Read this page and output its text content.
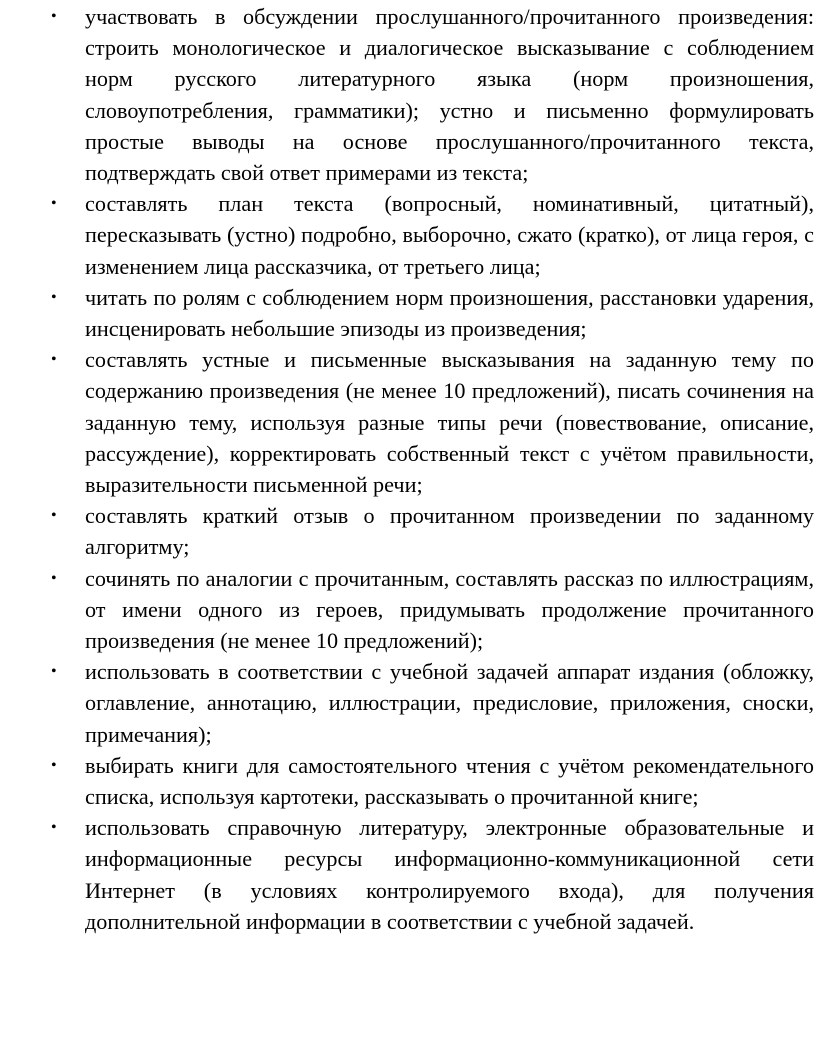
• участвовать в обсуждении прослушанного/прочитанного произведения: строить монологическое и диалогическое высказывание с соблюдением норм русского литературного языка (норм произношения, словоупотребления, грамматики); устно и письменно формулировать простые выводы на основе прослушанного/прочитанного текста, подтверждать свой ответ примерами из текста;
• составлять план текста (вопросный, номинативный, цитатный), пересказывать (устно) подробно, выборочно, сжато (кратко), от лица героя, с изменением лица рассказчика, от третьего лица;
• читать по ролям с соблюдением норм произношения, расстановки ударения, инсценировать небольшие эпизоды из произведения;
• составлять устные и письменные высказывания на заданную тему по содержанию произведения (не менее 10 предложений), писать сочинения на заданную тему, используя разные типы речи (повествование, описание, рассуждение), корректировать собственный текст с учётом правильности, выразительности письменной речи;
• составлять краткий отзыв о прочитанном произведении по заданному алгоритму;
• сочинять по аналогии с прочитанным, составлять рассказ по иллюстрациям, от имени одного из героев, придумывать продолжение прочитанного произведения (не менее 10 предложений);
• использовать в соответствии с учебной задачей аппарат издания (обложку, оглавление, аннотацию, иллюстрации, предисловие, приложения, сноски, примечания);
• выбирать книги для самостоятельного чтения с учётом рекомендательного списка, используя картотеки, рассказывать о прочитанной книге;
• использовать справочную литературу, электронные образовательные и информационные ресурсы информационно-коммуникационной сети Интернет (в условиях контролируемого входа), для получения дополнительной информации в соответствии с учебной задачей.
